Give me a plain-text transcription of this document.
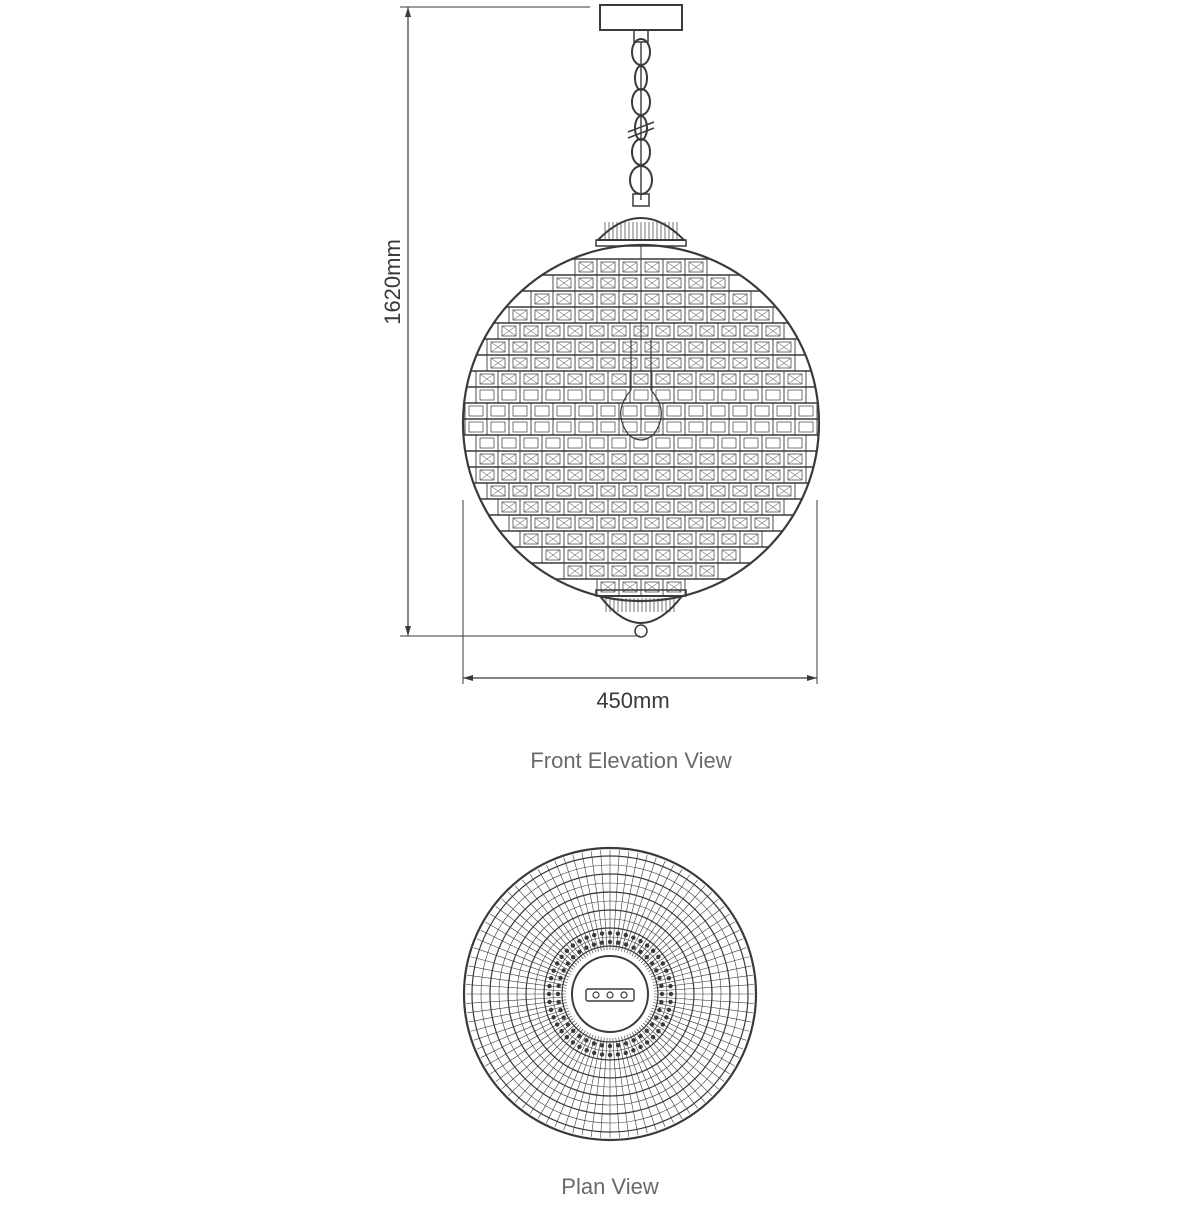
1620mm
450mm
Front Elevation View
Plan View
